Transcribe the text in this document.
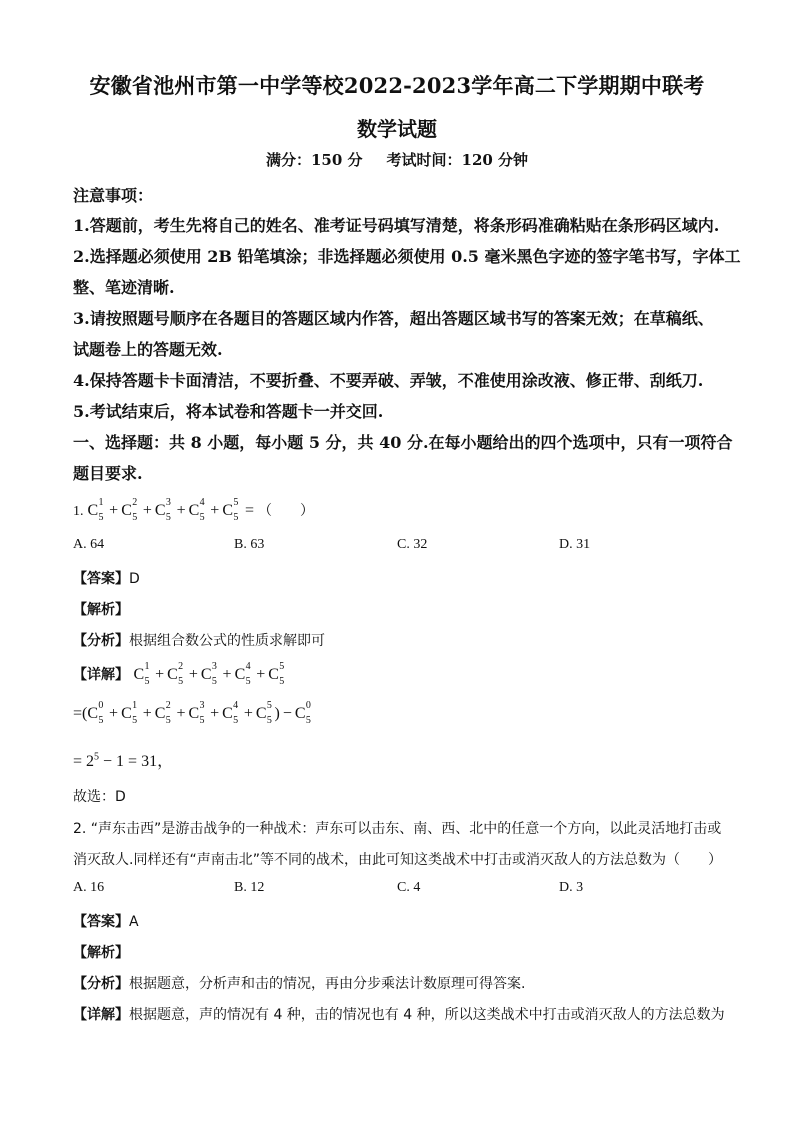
安徽省池州市第一中学等校2022-2023学年高二下学期期中联考
数学试题
满分：150 分 考试时间：120 分钟
注意事项：
1.答题前，考生先将自己的姓名、准考证号码填写清楚，将条形码准确粘贴在条形码区域内.
2.选择题必须使用 2B 铅笔填涂；非选择题必须使用 0.5 毫米黑色字迹的签字笔书写，字体工
整、笔迹清晰.
3.请按照题号顺序在各题目的答题区域内作答，超出答题区域书写的答案无效；在草稿纸、
试题卷上的答题无效.
4.保持答题卡卡面清洁，不要折叠、不要弄破、弄皱，不准使用涂改液、修正带、刮纸刀.
5.考试结束后，将本试卷和答题卡一并交回.
一、选择题：共 8 小题，每小题 5 分，共 40 分.在每小题给出的四个选项中，只有一项符合
题目要求.
1. C 1
5 + C 2
5 + C 3
5 + C 4
5 + C 5
5 = （　　）
A. 64	B. 63	C. 32	D. 31
【答案】D
【解析】
【分析】根据组合数公式的性质求解即可
【详解】 C 1
5 + C 2
5 + C 3
5 + C 4
5 + C 5
5
=(C 0
5 + C 1
5 + C 2
5 + C 3
5 + C 4
5 + C 5
5 ) − C 0
5
= $2^5 - 1 = 31$，
故选：D
2. “声东击西”是游击战争的一种战术：声东可以击东、南、西、北中的任意一个方向，以此灵活地打击或
消灭敌人.同样还有“声南击北”等不同的战术，由此可知这类战术中打击或消灭敌人的方法总数为（　　）
A. 16	B. 12	C. 4	D. 3
【答案】A
【解析】
【分析】根据题意，分析声和击的情况，再由分步乘法计数原理可得答案.
【详解】根据题意，声的情况有 4 种，击的情况也有 4 种，所以这类战术中打击或消灭敌人的方法总数为
